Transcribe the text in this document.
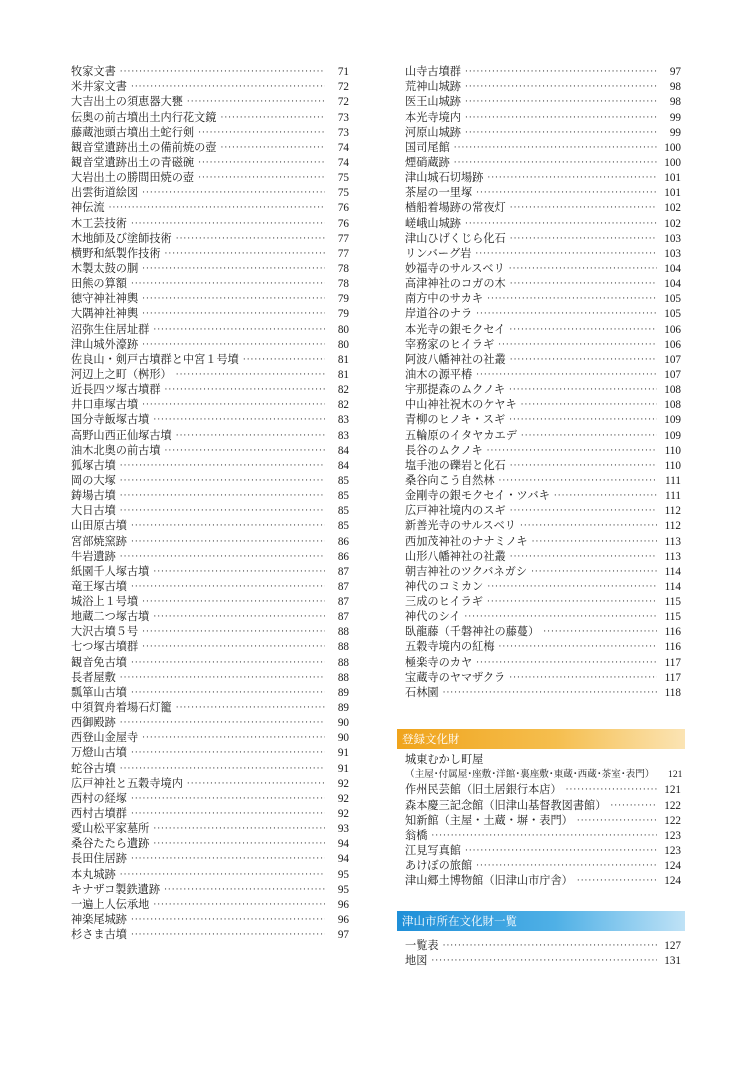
牧家文書 ·····	71
米井家文書 ·····	72
大吉出土の須恵器大甕 ·····	72
伝奥の前古墳出土内行花文鏡 ·····	73
藤蔵池頭古墳出土蛇行剣 ·····	73
観音堂遺跡出土の備前焼の壺 ·····	74
観音堂遺跡出土の青磁碗 ·····	74
大岩出土の勝間田焼の壺 ·····	75
出雲街道絵図 ·····	75
神伝流 ·····	76
木工芸技術 ·····	76
木地師及び塗師技術 ·····	77
横野和紙製作技術 ·····	77
木製太鼓の胴 ·····	78
田熊の算額 ·····	78
徳守神社神輿 ·····	79
大隅神社神輿 ·····	79
沼弥生住居址群 ·····	80
津山城外濠跡 ·····	80
佐良山・剣戸古墳群と中宮１号墳 ·····	81
河辺上之町（桝形） ·····	81
近長四ツ塚古墳群 ·····	82
井口車塚古墳 ·····	82
国分寺飯塚古墳 ·····	83
高野山西正仙塚古墳 ·····	83
油木北奥の前古墳 ·····	84
狐塚古墳 ·····	84
岡の大塚 ·····	85
鋳場古墳 ·····	85
大日古墳 ·····	85
山田原古墳 ·····	85
宮部焼窯跡 ·····	86
牛岩遺跡 ·····	86
紙園千人塚古墳 ·····	87
竜王塚古墳 ·····	87
城浴上１号墳 ·····	87
地蔵二つ塚古墳 ·····	87
大沢古墳５号 ·····	88
七つ塚古墳群 ·····	88
観音免古墳 ·····	88
長者屋敷 ·····	88
瓢箪山古墳 ·····	89
中須賀舟着場石灯籠 ·····	89
西御殿跡 ·····	90
西登山金屋寺 ·····	90
万燈山古墳 ·····	91
蛇谷古墳 ·····	91
広戸神社と五穀寺境内 ·····	92
西村の経塚 ·····	92
西村古墳群 ·····	92
愛山松平家墓所 ·····	93
桑谷たたら遺跡 ·····	94
長田住居跡 ·····	94
本丸城跡 ·····	95
キナザコ製鉄遺跡 ·····	95
一遍上人伝承地 ·····	96
神楽尾城跡 ·····	96
杉さま古墳 ·····	97
山寺古墳群 ·····	97
荒神山城跡 ·····	98
医王山城跡 ·····	98
本光寺境内 ·····	99
河原山城跡 ·····	99
国司尾館 ·····	100
煙硝蔵跡 ·····	100
津山城石切場跡 ·····	101
茶屋の一里塚 ·····	101
楢船着場跡の常夜灯 ·····	102
嵯峨山城跡 ·····	102
津山ひげくじら化石 ·····	103
リンバーグ岩 ·····	103
妙福寺のサルスベリ ·····	104
高津神社のコガの木 ·····	104
南方中のサカキ ·····	105
岸道谷のナラ ·····	105
本光寺の銀モクセイ ·····	106
宰務家のヒイラギ ·····	106
阿波八幡神社の社叢 ·····	107
油木の源平椿 ·····	107
宇那提森のムクノキ ·····	108
中山神社祝木のケヤキ ·····	108
青柳のヒノキ・スギ ·····	109
五輪原のイタヤカエデ ·····	109
長谷のムクノキ ·····	110
塩手池の礫岩と化石 ·····	110
桑谷向こう自然林 ·····	111
金剛寺の銀モクセイ・ツバキ ·····	111
広戸神社境内のスギ ·····	112
新善光寺のサルスベリ ·····	112
西加茂神社のナナミノキ ·····	113
山形八幡神社の社叢 ·····	113
朝吉神社のツクバネガシ ·····	114
神代のコミカン ·····	114
三成のヒイラギ ·····	115
神代のシイ ·····	115
臥龍藤（千磐神社の藤蔓） ·····	116
五穀寺境内の紅梅 ·····	116
極楽寺のカヤ ·····	117
宝蔵寺のヤマザクラ ·····	117
石林園 ·····	118
登録文化財
城東むかし町屋
（主屋･付属屋･座敷･洋館･裏座敷･東蔵･西蔵･茶室･表門）	121
作州民芸館（旧土居銀行本店） ·····	121
森本慶三記念館（旧津山基督教図書館） ·····	122
知新館（主屋・土蔵・塀・表門） ·····	122
翁橋 ·····	123
江見写真館 ·····	123
あけぼの旅館 ·····	124
津山郷土博物館（旧津山市庁舎） ·····	124
津山市所在文化財一覧
一覧表 ·····	127
地図 ·····	131
